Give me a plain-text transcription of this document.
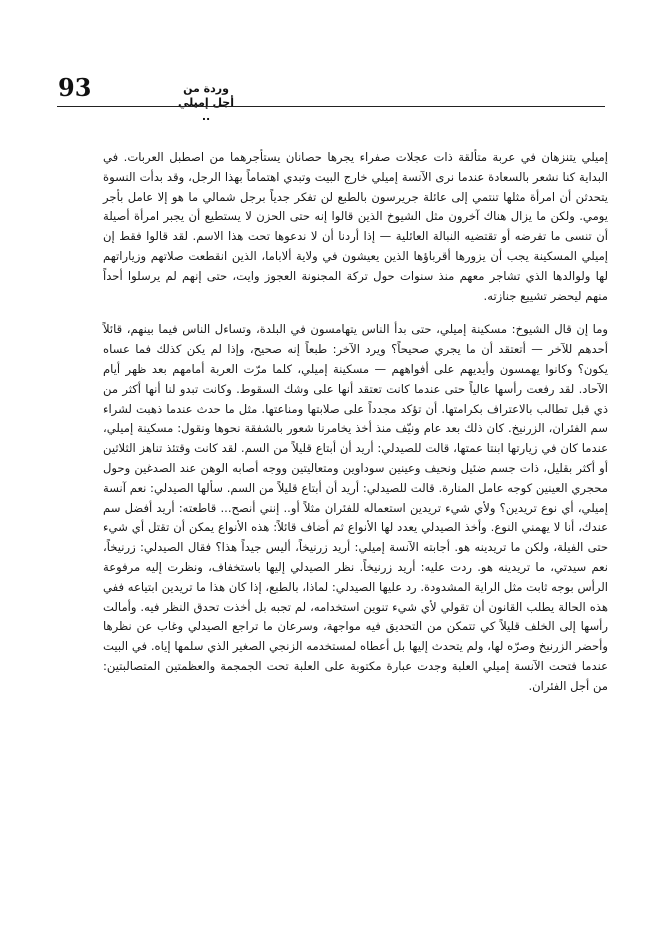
93	وردة من أجل إميلي ..

إميلي يتنزهان في عربة متألقة ذات عجلات صفراء يجرها حصانان يستأجرهما من اصطبل العربات. في البداية كنا نشعر بالسعادة عندما نرى الآنسة إميلي خارج البيت وتبدي اهتماماً بهذا الرجل، وقد بدأت النسوة يتحدثن أن امرأة مثلها تنتمي إلى عائلة جريرسون بالطبع لن تفكر جدياً برجل شمالي ما هو إلا عامل بأجر يومي. ولكن ما يزال هناك آخرون مثل الشيوخ الذين قالوا إنه حتى الحزن لا يستطيع أن يجبر امرأة أصيلة أن تنسى ما تفرضه أو تقتضيه النبالة العائلية — إذا أردنا أن لا ندعوها تحت هذا الاسم. لقد قالوا فقط إن إميلي المسكينة يجب أن يزورها أقرباؤها الذين يعيشون في ولاية ألاباما، الذين انقطعت صلاتهم وزياراتهم لها ولوالدها الذي تشاجر معهم منذ سنوات حول تركة المجنونة العجوز وايت، حتى إنهم لم يرسلوا أحداً منهم ليحضر تشييع جنازته.

وما إن قال الشيوخ: مسكينة إميلي، حتى بدأ الناس يتهامسون في البلدة، وتساءل الناس فيما بينهم، قائلاً أحدهم للآخر — أتعتقد أن ما يجري صحيحاً؟ ويرد الآخر: طبعاً إنه صحيح، وإذا لم يكن كذلك فما عساه يكون؟ وكانوا يهمسون وأيديهم على أفواههم — مسكينة إميلي، كلما مرّت العربة أمامهم بعد ظهر أيام الآحاد. لقد رفعت رأسها عالياً حتى عندما كانت تعتقد أنها على وشك السقوط. وكانت تبدو لنا أنها أكثر من ذي قبل تطالب بالاعتراف بكرامتها. أن تؤكد مجدداً على صلابتها ومناعتها. مثل ما حدث عندما ذهبت لشراء سم الفئران، الزرنيخ. كان ذلك بعد عام ونيّف منذ أخذ يخامرنا شعور بالشفقة نحوها ونقول: مسكينة إميلي، عندما كان في زيارتها ابنتا عمتها، قالت للصيدلي: أريد أن أبتاع قليلاً من السم. لقد كانت وقتئذ تناهز الثلاثين أو أكثر بقليل، ذات جسم ضئيل ونحيف وعينين سوداوين ومتعاليتين ووجه أصابه الوهن عند الصدغين وحول محجري العينين كوجه عامل المنارة. قالت للصيدلي: أريد أن أبتاع قليلاً من السم. سألها الصيدلي: نعم آنسة إميلي، أي نوع تريدين؟ ولأي شيء تريدين استعماله للفئران مثلاً أو.. إنني أنصح... قاطعته: أريد أفضل سم عندك، أنا لا يهمني النوع. وأخذ الصيدلي يعدد لها الأنواع ثم أضاف قائلاً: هذه الأنواع يمكن أن تقتل أي شيء حتى الفيلة، ولكن ما تريدينه هو. أجابته الآنسة إميلي: أريد زرنيخاً، أليس جيداً هذا؟ فقال الصيدلي: زرنيخاً، نعم سيدتي، ما تريدينه هو. ردت عليه: أريد زرنيخاً. نظر الصيدلي إليها باستخفاف، ونظرت إليه مرفوعة الرأس بوجه ثابت مثل الراية المشدودة. رد عليها الصيدلي: لماذا، بالطبع، إذا كان هذا ما تريدين ابتياعه ففي هذه الحالة يطلب القانون أن تقولي لأي شيء تنوين استخدامه، لم تجبه بل أخذت تحدق النظر فيه. وأمالت رأسها إلى الخلف قليلاً كي تتمكن من التحديق فيه مواجهة، وسرعان ما تراجع الصيدلي وغاب عن نظرها وأحضر الزرنيخ وصرّه لها، ولم يتحدث إليها بل أعطاه لمستخدمه الزنجي الصغير الذي سلمها إياه. في البيت عندما فتحت الآنسة إميلي العلبة وجدت عبارة مكتوبة على العلبة تحت الجمجمة والعظمتين المتصالبتين: من أجل الفئران.
